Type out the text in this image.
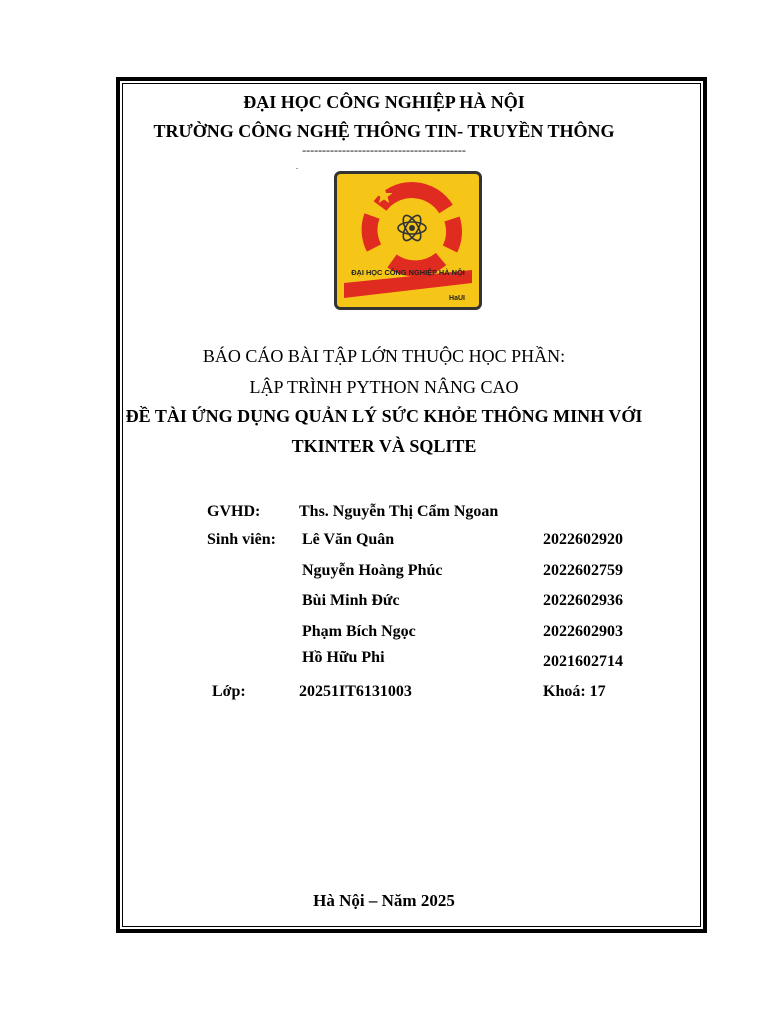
ĐẠI HỌC CÔNG NGHIỆP HÀ NỘI
TRƯỜNG CÔNG NGHỆ THÔNG TIN- TRUYỀN THÔNG
-----------------------------------------
.
ĐẠI HỌC CÔNG NGHIỆP HÀ NỘI
HaUI
BÁO CÁO BÀI TẬP LỚN THUỘC HỌC PHẦN:
LẬP TRÌNH PYTHON NÂNG CAO
ĐỀ TÀI ỨNG DỤNG QUẢN LÝ SỨC KHỎE THÔNG MINH VỚI
TKINTER VÀ SQLITE
GVHD: Ths. Nguyễn Thị Cẩm Ngoan
Sinh viên: Lê Văn Quân	2022602920
Nguyễn Hoàng Phúc	2022602759
Bùi Minh Đức	2022602936
Phạm Bích Ngọc	2022602903
Hồ Hữu Phi	2021602714
Lớp:	20251IT6131003	Khoá: 17
Hà Nội – Năm 2025
